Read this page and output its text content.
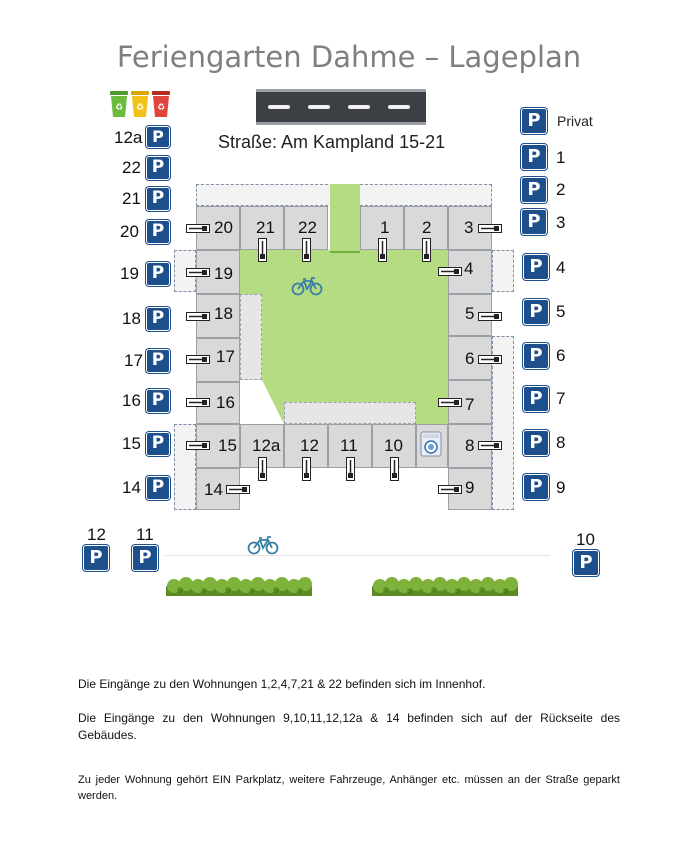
Feriengarten Dahme – Lageplan
♻ ♻ ♻
Straße: Am Kampland 15-21
Privat
20 21 22	1 2 3
19	4
18	5
17	6
16	7
15 12a 12 11 10	8
14	9
12a P
22 P
21 P
20 P
19 P
18 P
17 P
16 P
15 P
14 P
P
P 1
P 2
P 3
P 4
P 5
P 6
P 7
P 8
P 9
12
P
11
P
10
P
Die Eingänge zu den Wohnungen 1,2,4,7,21 & 22 befinden sich im Innenhof.
Die Eingänge zu den Wohnungen 9,10,11,12,12a & 14 befinden sich auf der Rückseite des Gebäudes.
Zu jeder Wohnung gehört EIN Parkplatz, weitere Fahrzeuge, Anhänger etc. müssen an der Straße geparkt werden.
